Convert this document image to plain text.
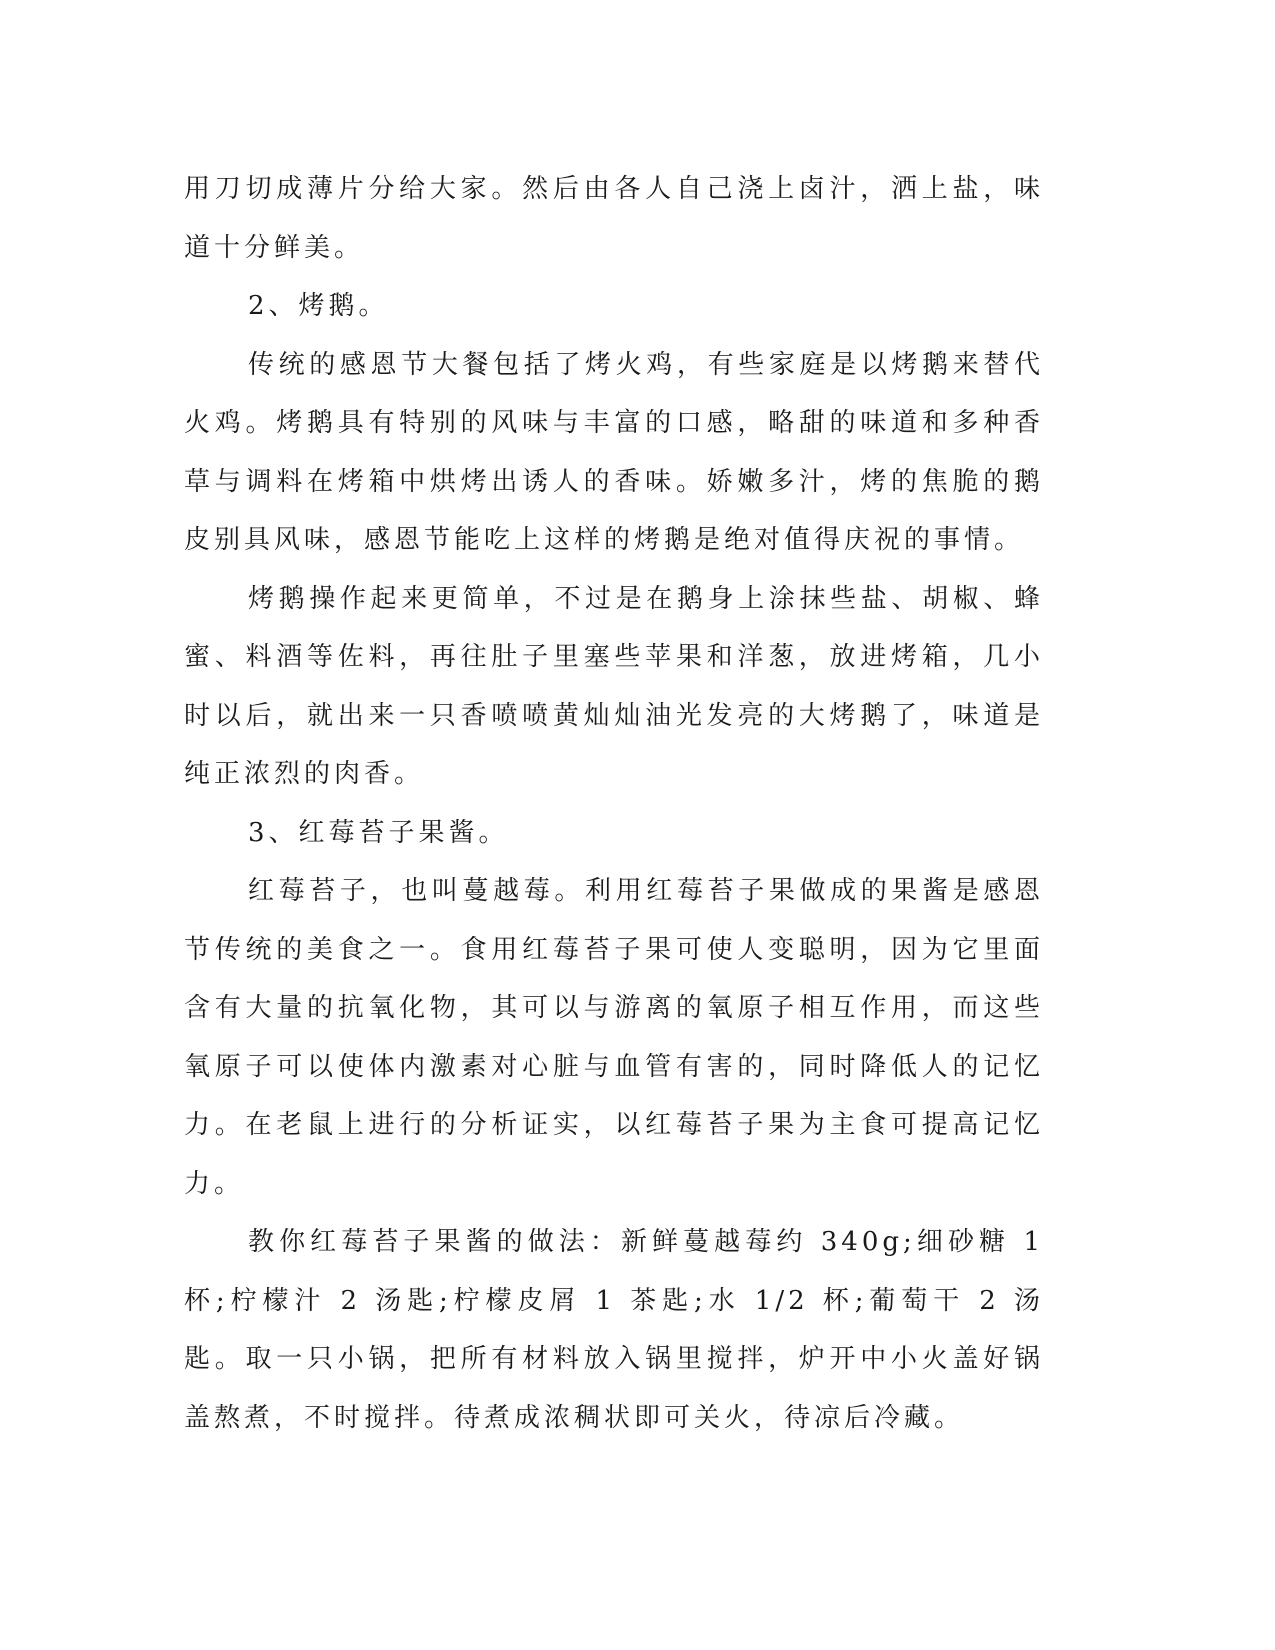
用刀切成薄片分给大家。然后由各人自己浇上卤汁，洒上盐，味道十分鲜美。

2、烤鹅。

传统的感恩节大餐包括了烤火鸡，有些家庭是以烤鹅来替代火鸡。烤鹅具有特别的风味与丰富的口感，略甜的味道和多种香草与调料在烤箱中烘烤出诱人的香味。娇嫩多汁，烤的焦脆的鹅皮别具风味，感恩节能吃上这样的烤鹅是绝对值得庆祝的事情。

烤鹅操作起来更简单，不过是在鹅身上涂抹些盐、胡椒、蜂蜜、料酒等佐料，再往肚子里塞些苹果和洋葱，放进烤箱，几小时以后，就出来一只香喷喷黄灿灿油光发亮的大烤鹅了，味道是纯正浓烈的肉香。

3、红莓苔子果酱。

红莓苔子，也叫蔓越莓。利用红莓苔子果做成的果酱是感恩节传统的美食之一。食用红莓苔子果可使人变聪明，因为它里面含有大量的抗氧化物，其可以与游离的氧原子相互作用，而这些氧原子可以使体内激素对心脏与血管有害的，同时降低人的记忆力。在老鼠上进行的分析证实，以红莓苔子果为主食可提高记忆力。

教你红莓苔子果酱的做法：新鲜蔓越莓约 340g;细砂糖 1 杯;柠檬汁 2 汤匙;柠檬皮屑 1 茶匙;水 1/2 杯;葡萄干 2 汤匙。取一只小锅，把所有材料放入锅里搅拌，炉开中小火盖好锅盖熬煮，不时搅拌。待煮成浓稠状即可关火，待凉后冷藏。
